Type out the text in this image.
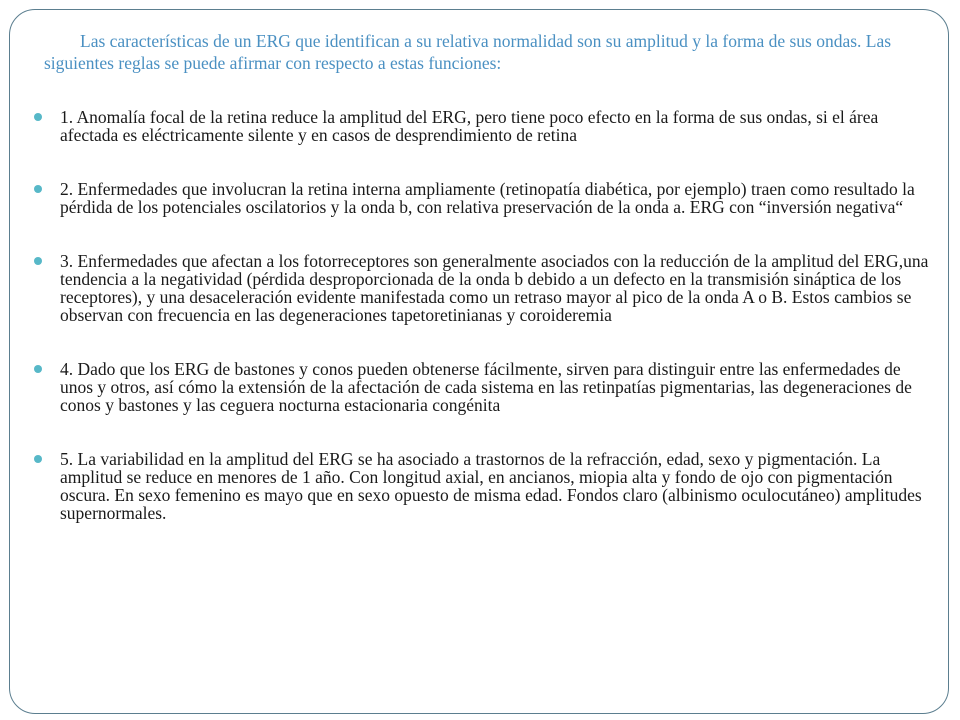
Las características de un ERG que identifican a su relativa normalidad son su amplitud y la forma de sus ondas. Las siguientes reglas se puede afirmar con respecto a estas funciones:

1. Anomalía focal de la retina reduce la amplitud del ERG, pero tiene poco efecto en la forma de sus ondas, si el área afectada es eléctricamente silente y en casos de desprendimiento de retina
2. Enfermedades que involucran la retina interna ampliamente (retinopatía diabética, por ejemplo) traen como resultado la pérdida de los potenciales oscilatorios y la onda b, con relativa preservación de la onda a. ERG con “inversión negativa“
3. Enfermedades que afectan a los fotorreceptores son generalmente asociados con la reducción de la amplitud del ERG,una tendencia a la negatividad (pérdida desproporcionada de la onda b debido a un defecto en la transmisión sináptica de los receptores), y una desaceleración evidente manifestada como un retraso mayor al pico de la onda A o B. Estos cambios se observan con frecuencia en las degeneraciones tapetoretinianas y coroideremia
4. Dado que los ERG de bastones y conos pueden obtenerse fácilmente, sirven para distinguir entre las enfermedades de unos y otros, así cómo la extensión de la afectación de cada sistema en las retinpatías pigmentarias, las degeneraciones de conos y bastones y las ceguera nocturna estacionaria congénita
5. La variabilidad en la amplitud del ERG se ha asociado a trastornos de la refracción, edad, sexo y pigmentación. La amplitud se reduce en menores de 1 año. Con longitud axial, en ancianos, miopia alta y fondo de ojo con pigmentación oscura. En sexo femenino es mayo que en sexo opuesto de misma edad. Fondos claro (albinismo oculocutáneo) amplitudes supernormales.
